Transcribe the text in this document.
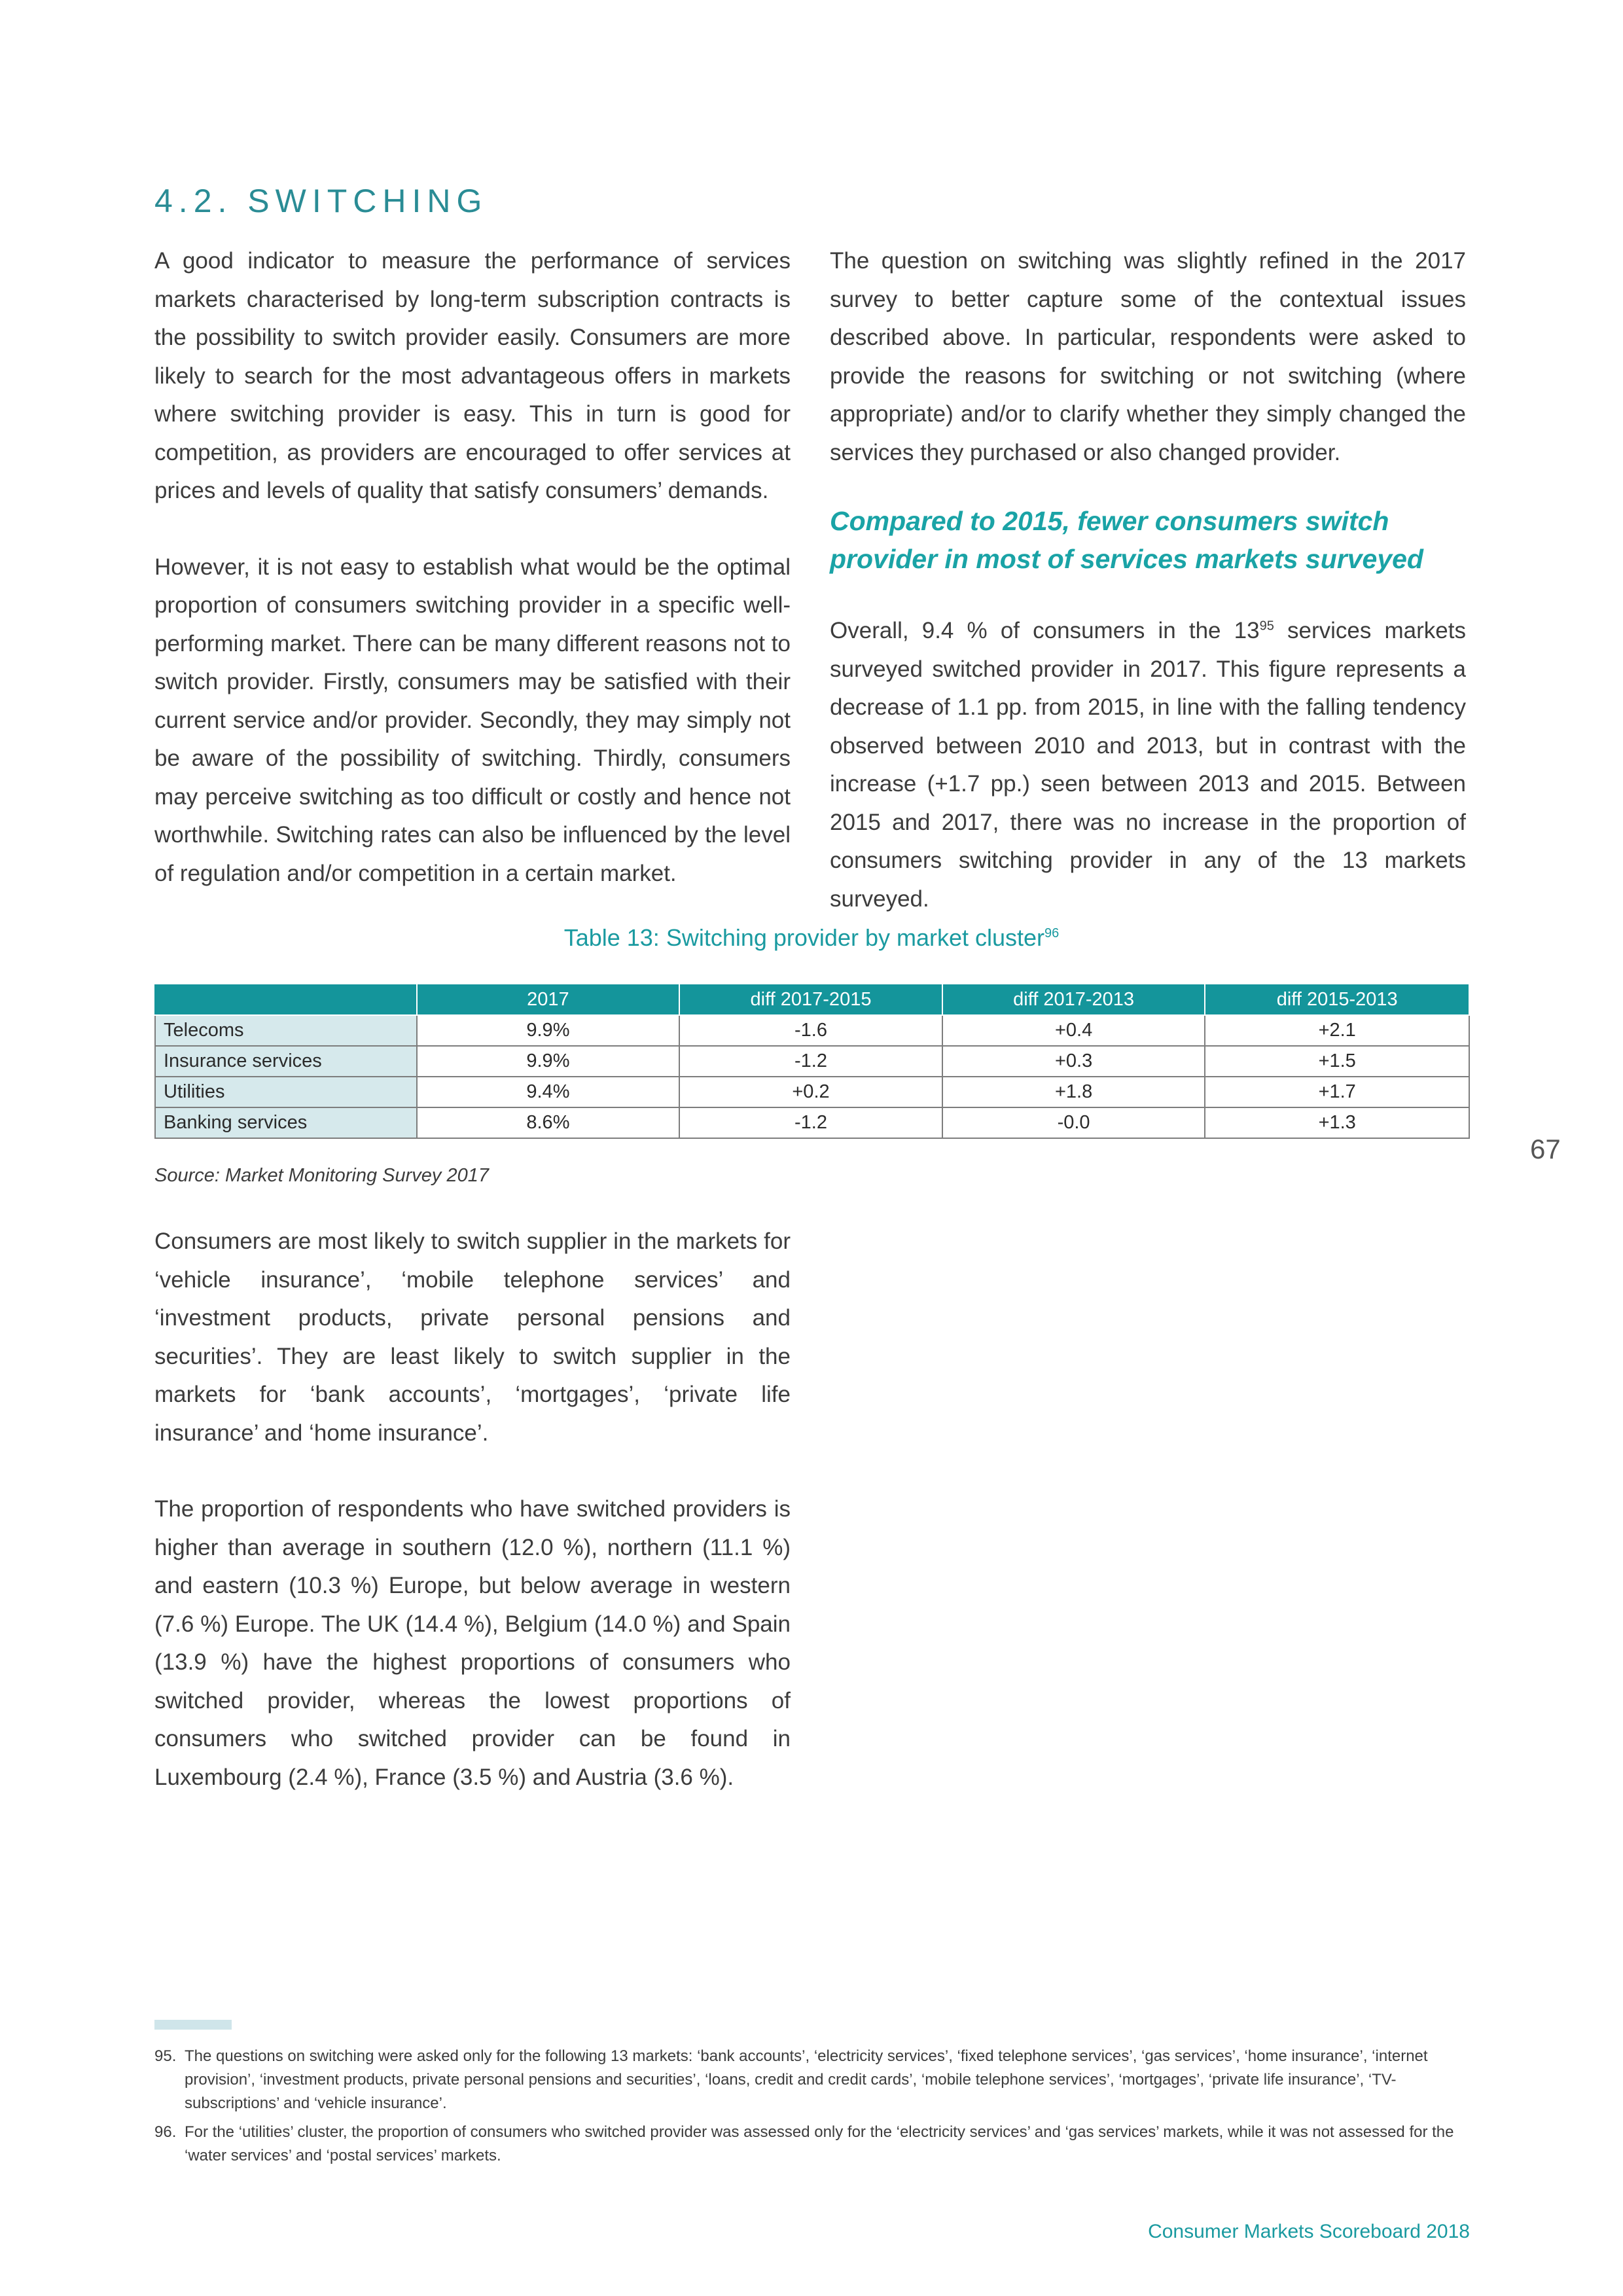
4.2. SWITCHING

A good indicator to measure the performance of services markets characterised by long-term subscription contracts is the possibility to switch provider easily. Consumers are more likely to search for the most advantageous offers in markets where switching provider is easy. This in turn is good for competition, as providers are encouraged to offer services at prices and levels of quality that satisfy consumers’ demands.

However, it is not easy to establish what would be the optimal proportion of consumers switching provider in a specific well-performing market. There can be many different reasons not to switch provider. Firstly, consumers may be satisfied with their current service and/or provider. Secondly, they may simply not be aware of the possibility of switching. Thirdly, consumers may perceive switching as too difficult or costly and hence not worthwhile. Switching rates can also be influenced by the level of regulation and/or competition in a certain market.

The question on switching was slightly refined in the 2017 survey to better capture some of the contextual issues described above. In particular, respondents were asked to provide the reasons for switching or not switching (where appropriate) and/or to clarify whether they simply changed the services they purchased or also changed provider.

Compared to 2015, fewer consumers switch provider in most of services markets surveyed

Overall, 9.4 % of consumers in the $13^{95}$ services markets surveyed switched provider in 2017. This figure represents a decrease of 1.1 pp. from 2015, in line with the falling tendency observed between 2010 and 2013, but in contrast with the increase (+1.7 pp.) seen between 2013 and 2015. Between 2015 and 2017, there was no increase in the proportion of consumers switching provider in any of the 13 markets surveyed.

Table 13: Switching provider by market cluster$^{96}$
	2017	diff 2017-2015	diff 2017-2013	diff 2015-2013
Telecoms	9.9%	-1.6	+0.4	+2.1
Insurance services	9.9%	-1.2	+0.3	+1.5
Utilities	9.4%	+0.2	+1.8	+1.7
Banking services	8.6%	-1.2	-0.0	+1.3
67
Source: Market Monitoring Survey 2017

Consumers are most likely to switch supplier in the markets for ‘vehicle insurance’, ‘mobile telephone services’ and ‘investment products, private personal pensions and securities’. They are least likely to switch supplier in the markets for ‘bank accounts’, ‘mortgages’, ‘private life insurance’ and ‘home insurance’.

The proportion of respondents who have switched providers is higher than average in southern (12.0 %), northern (11.1 %) and eastern (10.3 %) Europe, but below average in western (7.6 %) Europe. The UK (14.4 %), Belgium (14.0 %) and Spain (13.9 %) have the highest proportions of consumers who switched provider, whereas the lowest proportions of consumers who switched provider can be found in Luxembourg (2.4 %), France (3.5 %) and Austria (3.6 %).

95. The questions on switching were asked only for the following 13 markets: ‘bank accounts’, ‘electricity services’, ‘fixed telephone services’, ‘gas services’, ‘home insurance’, ‘internet provision’, ‘investment products, private personal pensions and securities’, ‘loans, credit and credit cards’, ‘mobile telephone services’, ‘mortgages’, ‘private life insurance’, ‘TV-subscriptions’ and ‘vehicle insurance’.
96. For the ‘utilities’ cluster, the proportion of consumers who switched provider was assessed only for the ‘electricity services’ and ‘gas services’ markets, while it was not assessed for the ‘water services’ and ‘postal services’ markets.
Consumer Markets Scoreboard 2018
